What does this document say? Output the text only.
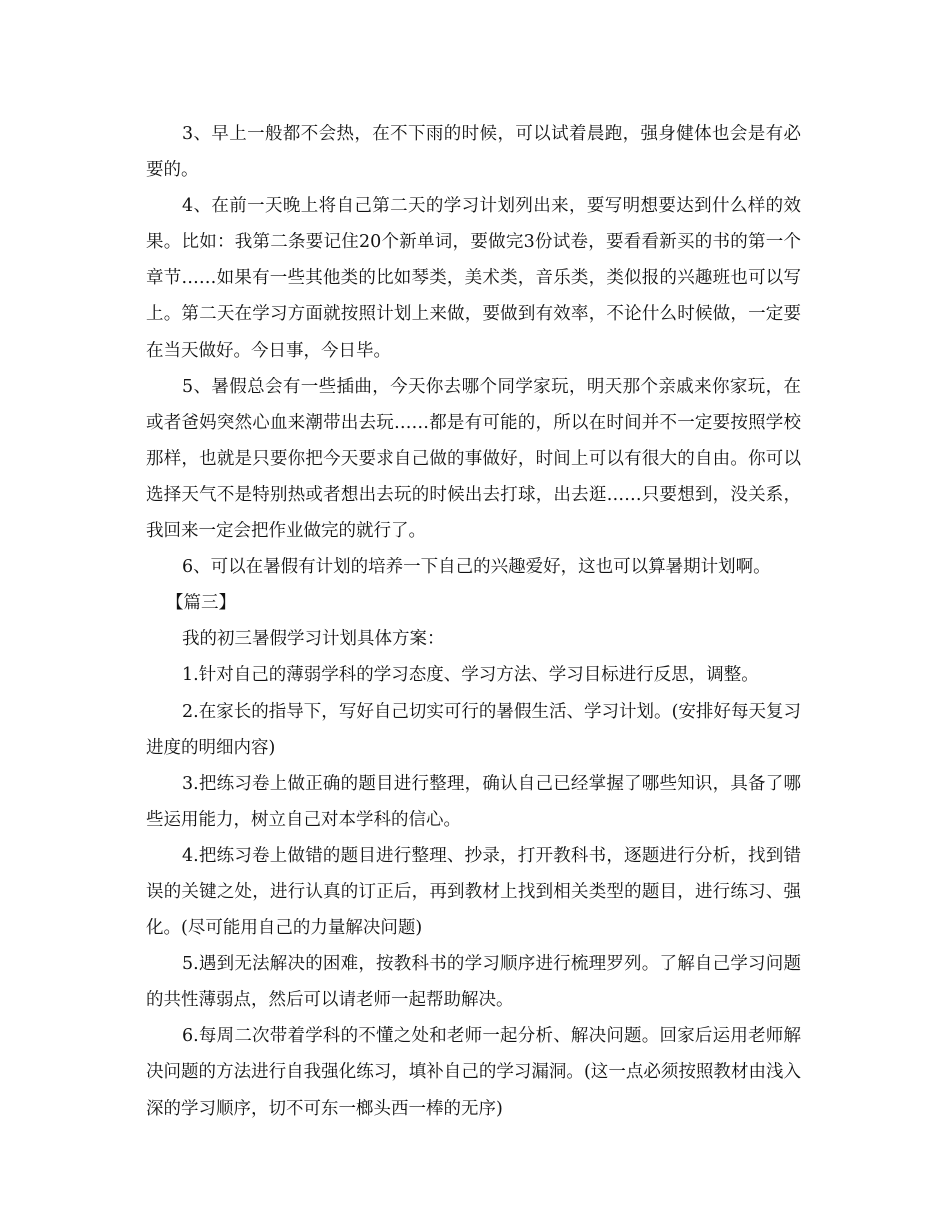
3、早上一般都不会热，在不下雨的时候，可以试着晨跑，强身健体也会是有必要的。

4、在前一天晚上将自己第二天的学习计划列出来，要写明想要达到什么样的效果。比如：我第二条要记住20个新单词，要做完3份试卷，要看看新买的书的第一个章节……如果有一些其他类的比如琴类，美术类，音乐类，类似报的兴趣班也可以写上。第二天在学习方面就按照计划上来做，要做到有效率，不论什么时候做，一定要在当天做好。今日事，今日毕。

5、暑假总会有一些插曲，今天你去哪个同学家玩，明天那个亲戚来你家玩，在或者爸妈突然心血来潮带出去玩……都是有可能的，所以在时间并不一定要按照学校那样，也就是只要你把今天要求自己做的事做好，时间上可以有很大的自由。你可以选择天气不是特别热或者想出去玩的时候出去打球，出去逛……只要想到，没关系，我回来一定会把作业做完的就行了。

6、可以在暑假有计划的培养一下自己的兴趣爱好，这也可以算暑期计划啊。

【篇三】

我的初三暑假学习计划具体方案：

1.针对自己的薄弱学科的学习态度、学习方法、学习目标进行反思，调整。

2.在家长的指导下，写好自己切实可行的暑假生活、学习计划。(安排好每天复习进度的明细内容)

3.把练习卷上做正确的题目进行整理，确认自己已经掌握了哪些知识，具备了哪些运用能力，树立自己对本学科的信心。

4.把练习卷上做错的题目进行整理、抄录，打开教科书，逐题进行分析，找到错误的关键之处，进行认真的订正后，再到教材上找到相关类型的题目，进行练习、强化。(尽可能用自己的力量解决问题)

5.遇到无法解决的困难，按教科书的学习顺序进行梳理罗列。了解自己学习问题的共性薄弱点，然后可以请老师一起帮助解决。

6.每周二次带着学科的不懂之处和老师一起分析、解决问题。回家后运用老师解决问题的方法进行自我强化练习，填补自己的学习漏洞。(这一点必须按照教材由浅入深的学习顺序，切不可东一榔头西一棒的无序)
